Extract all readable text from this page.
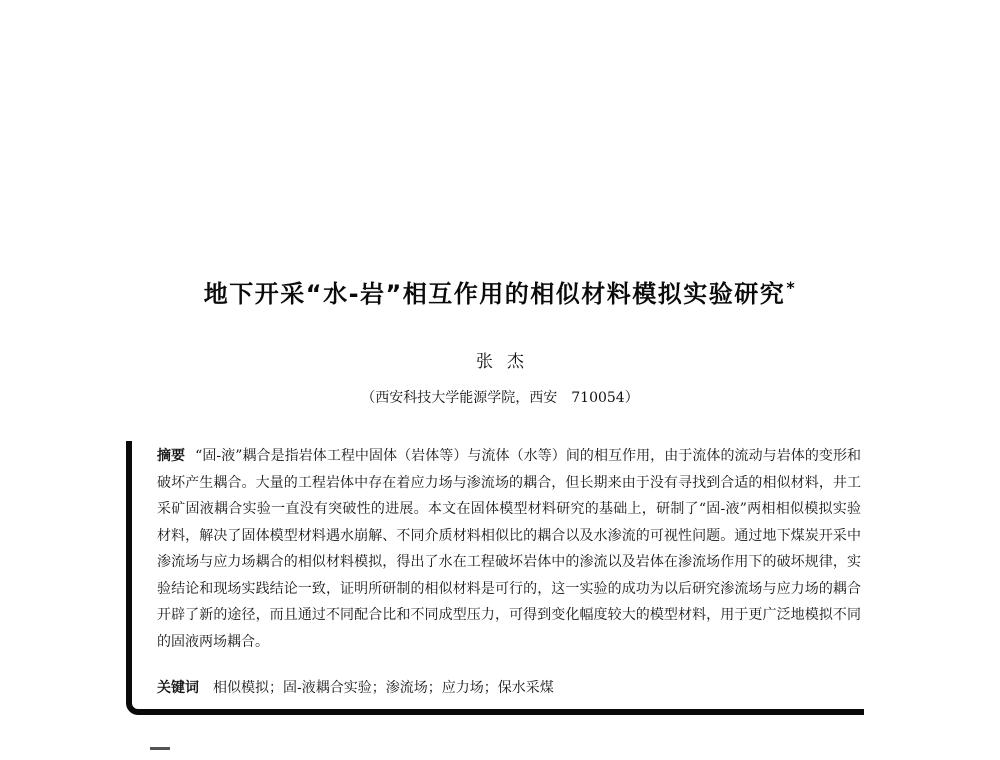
地下开采“水-岩”相互作用的相似材料模拟实验研究*
张杰
（西安科技大学能源学院，西安　710054）
摘要 “固-液”耦合是指岩体工程中固体（岩体等）与流体（水等）间的相互作用，由于流体的流动与岩体的变形和破坏产生耦合。大量的工程岩体中存在着应力场与渗流场的耦合，但长期来由于没有寻找到合适的相似材料，井工采矿固液耦合实验一直没有突破性的进展。本文在固体模型材料研究的基础上，研制了“固-液”两相相似模拟实验材料，解决了固体模型材料遇水崩解、不同介质材料相似比的耦合以及水渗流的可视性问题。通过地下煤炭开采中渗流场与应力场耦合的相似材料模拟，得出了水在工程破坏岩体中的渗流以及岩体在渗流场作用下的破坏规律，实验结论和现场实践结论一致，证明所研制的相似材料是可行的，这一实验的成功为以后研究渗流场与应力场的耦合开辟了新的途径，而且通过不同配合比和不同成型压力，可得到变化幅度较大的模型材料，用于更广泛地模拟不同的固液两场耦合。
关键词 相似模拟；固-液耦合实验；渗流场；应力场；保水采煤
